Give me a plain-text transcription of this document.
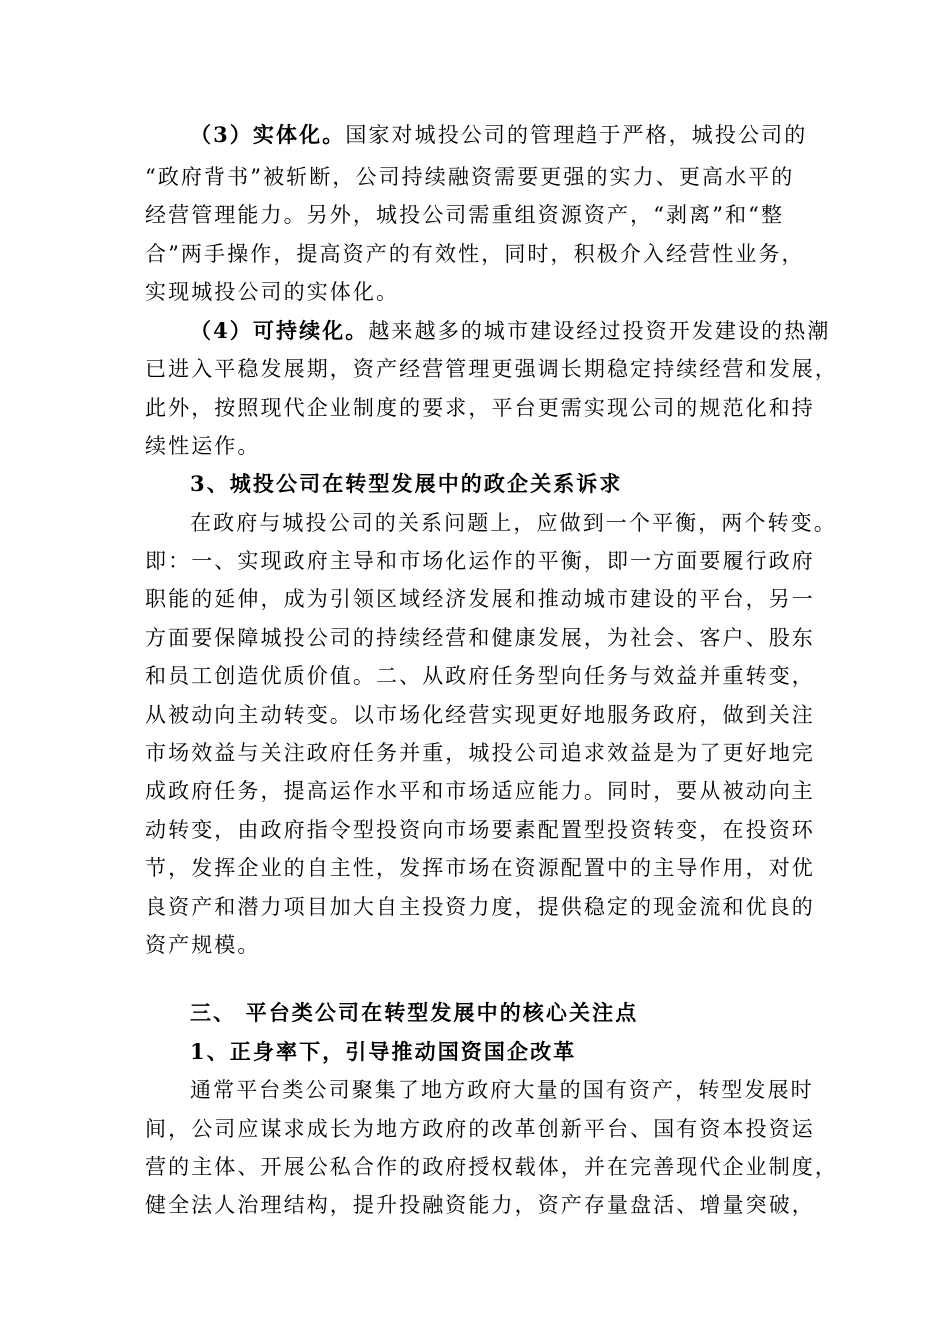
（3）实体化。国家对城投公司的管理趋于严格，城投公司的
“政府背书”被斩断，公司持续融资需要更强的实力、更高水平的
经营管理能力。另外，城投公司需重组资源资产，“剥离”和“整
合”两手操作，提高资产的有效性，同时，积极介入经营性业务，
实现城投公司的实体化。
（4）可持续化。越来越多的城市建设经过投资开发建设的热潮
已进入平稳发展期，资产经营管理更强调长期稳定持续经营和发展，
此外，按照现代企业制度的要求，平台更需实现公司的规范化和持
续性运作。
3、城投公司在转型发展中的政企关系诉求
在政府与城投公司的关系问题上，应做到一个平衡，两个转变。
即：一、实现政府主导和市场化运作的平衡，即一方面要履行政府
职能的延伸，成为引领区域经济发展和推动城市建设的平台，另一
方面要保障城投公司的持续经营和健康发展，为社会、客户、股东
和员工创造优质价值。二、从政府任务型向任务与效益并重转变，
从被动向主动转变。以市场化经营实现更好地服务政府，做到关注
市场效益与关注政府任务并重，城投公司追求效益是为了更好地完
成政府任务，提高运作水平和市场适应能力。同时，要从被动向主
动转变，由政府指令型投资向市场要素配置型投资转变，在投资环
节，发挥企业的自主性，发挥市场在资源配置中的主导作用，对优
良资产和潜力项目加大自主投资力度，提供稳定的现金流和优良的
资产规模。
三、 平台类公司在转型发展中的核心关注点
1、正身率下，引导推动国资国企改革
通常平台类公司聚集了地方政府大量的国有资产，转型发展时
间，公司应谋求成长为地方政府的改革创新平台、国有资本投资运
营的主体、开展公私合作的政府授权载体，并在完善现代企业制度，
健全法人治理结构，提升投融资能力，资产存量盘活、增量突破，
